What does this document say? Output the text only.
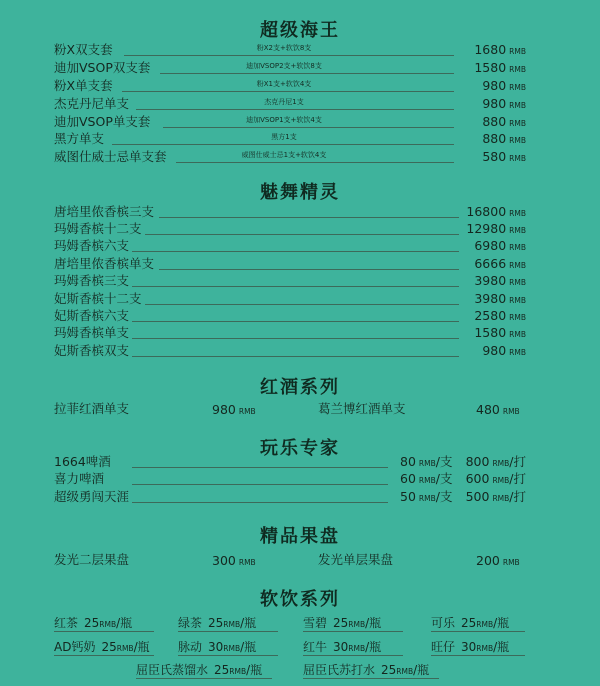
超级海王
粉X双支套	粉X2支+软饮8支	1680 RMB
迪加VSOP双支套	迪加VSOP2支+软饮8支	1580 RMB
粉X单支套	粉X1支+软饮4支	980 RMB
杰克丹尼单支	杰克丹尼1支	980 RMB
迪加VSOP单支套	迪加VSOP1支+软饮4支	880 RMB
黑方单支	黑方1支	880 RMB
威图仕威士忌单支套	威图仕威士忌1支+软饮4支	580 RMB
魅舞精灵
唐培里侬香槟三支	16800 RMB
玛姆香槟十二支	12980 RMB
玛姆香槟六支	6980 RMB
唐培里侬香槟单支	6666 RMB
玛姆香槟三支	3980 RMB
妃斯香槟十二支	3980 RMB
妃斯香槟六支	2580 RMB
玛姆香槟单支	1580 RMB
妃斯香槟双支	980 RMB
红酒系列
拉菲红酒单支	980 RMB	葛兰博红酒单支	480 RMB
玩乐专家
1664啤酒	80 RMB/支 800 RMB/打
喜力啤酒	60 RMB/支 600 RMB/打
超级勇闯天涯	50 RMB/支 500 RMB/打
精品果盘
发光二层果盘	300 RMB	发光单层果盘	200 RMB
软饮系列
红茶 25RMB/瓶	绿茶 25RMB/瓶	雪碧 25RMB/瓶	可乐 25RMB/瓶
AD钙奶 25RMB/瓶 脉动 30RMB/瓶	红牛 30RMB/瓶	旺仔 30RMB/瓶
屈臣氏蒸馏水 25RMB/瓶	屈臣氏苏打水 25RMB/瓶
